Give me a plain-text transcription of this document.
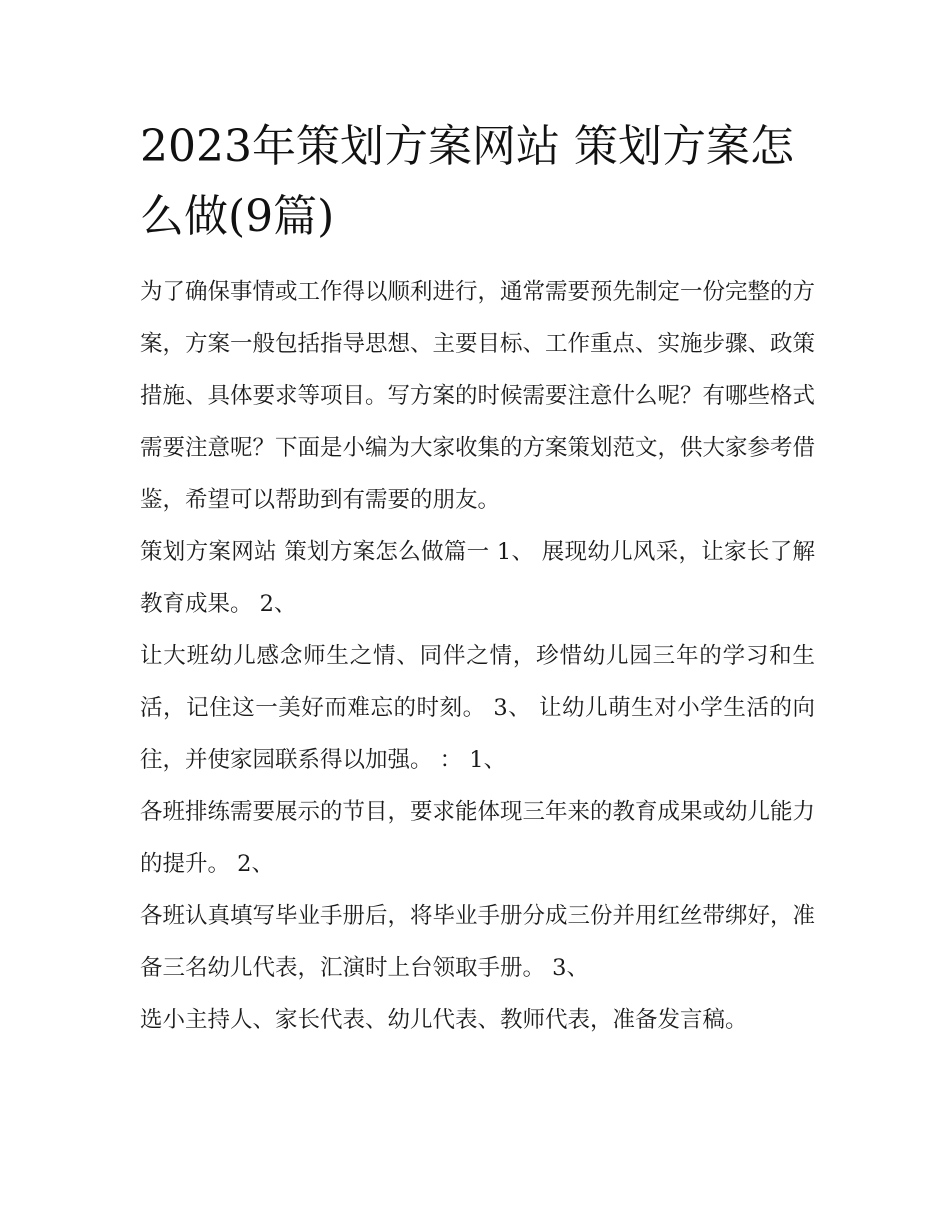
2023年策划方案网站 策划方案怎么做(9篇)

为了确保事情或工作得以顺利进行，通常需要预先制定一份完整的方案，方案一般包括指导思想、主要目标、工作重点、实施步骤、政策措施、具体要求等项目。写方案的时候需要注意什么呢？有哪些格式需要注意呢？下面是小编为大家收集的方案策划范文，供大家参考借鉴，希望可以帮助到有需要的朋友。

策划方案网站 策划方案怎么做篇一 1、 展现幼儿风采，让家长了解教育成果。 2、

让大班幼儿感念师生之情、同伴之情，珍惜幼儿园三年的学习和生活，记住这一美好而难忘的时刻。 3、 让幼儿萌生对小学生活的向往，并使家园联系得以加强。 ： 1、

各班排练需要展示的节目，要求能体现三年来的教育成果或幼儿能力的提升。 2、

各班认真填写毕业手册后，将毕业手册分成三份并用红丝带绑好，准备三名幼儿代表，汇演时上台领取手册。 3、

选小主持人、家长代表、幼儿代表、教师代表，准备发言稿。
